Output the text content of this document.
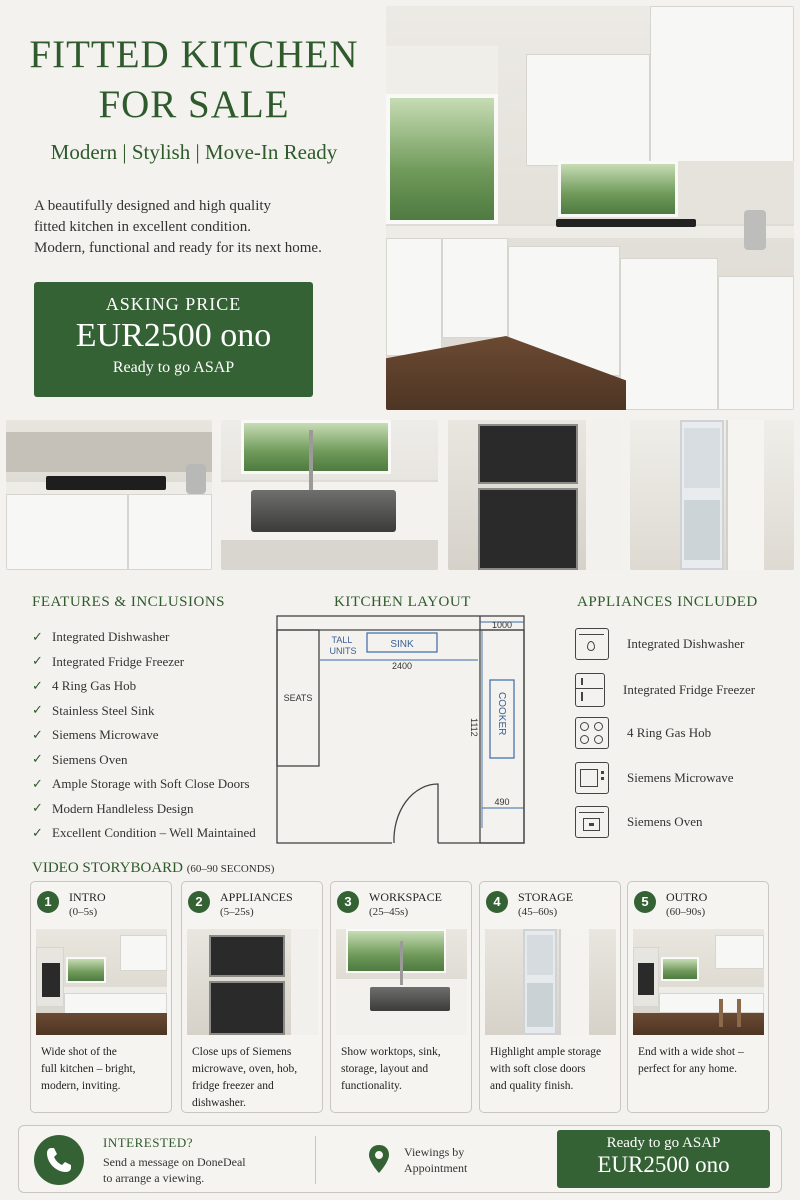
FITTED KITCHEN
FOR SALE
Modern | Stylish | Move-In Ready
A beautifully designed and high quality
fitted kitchen in excellent condition.
Modern, functional and ready for its next home.
ASKING PRICE
EUR2500 ono
Ready to go ASAP
FEATURES & INCLUSIONS
✓ Integrated Dishwasher
✓ Integrated Fridge Freezer
✓ 4 Ring Gas Hob
✓ Stainless Steel Sink
✓ Siemens Microwave
✓ Siemens Oven
✓ Ample Storage with Soft Close Doors
✓ Modern Handleless Design
✓ Excellent Condition – Well Maintained
KITCHEN LAYOUT
SINK
COOKER
TALL UNITS
SEATS
2400
1000
1112
490
APPLIANCES INCLUDED
Integrated Dishwasher
Integrated Fridge Freezer
4 Ring Gas Hob
Siemens Microwave
Siemens Oven
VIDEO STORYBOARD (60–90 SECONDS)
1	INTRO
(0–5s)
Wide shot of the
full kitchen – bright,
modern, inviting.
2	APPLIANCES
(5–25s)
Close ups of Siemens
microwave, oven, hob,
fridge freezer and
dishwasher.
3	WORKSPACE
(25–45s)
Show worktops, sink,
storage, layout and
functionality.
4	STORAGE
(45–60s)
Highlight ample storage
with soft close doors
and quality finish.
5	OUTRO
(60–90s)
End with a wide shot –
perfect for any home.
INTERESTED?
Send a message on DoneDeal
to arrange a viewing.
Viewings by
Appointment
Ready to go ASAP
EUR2500 ono
